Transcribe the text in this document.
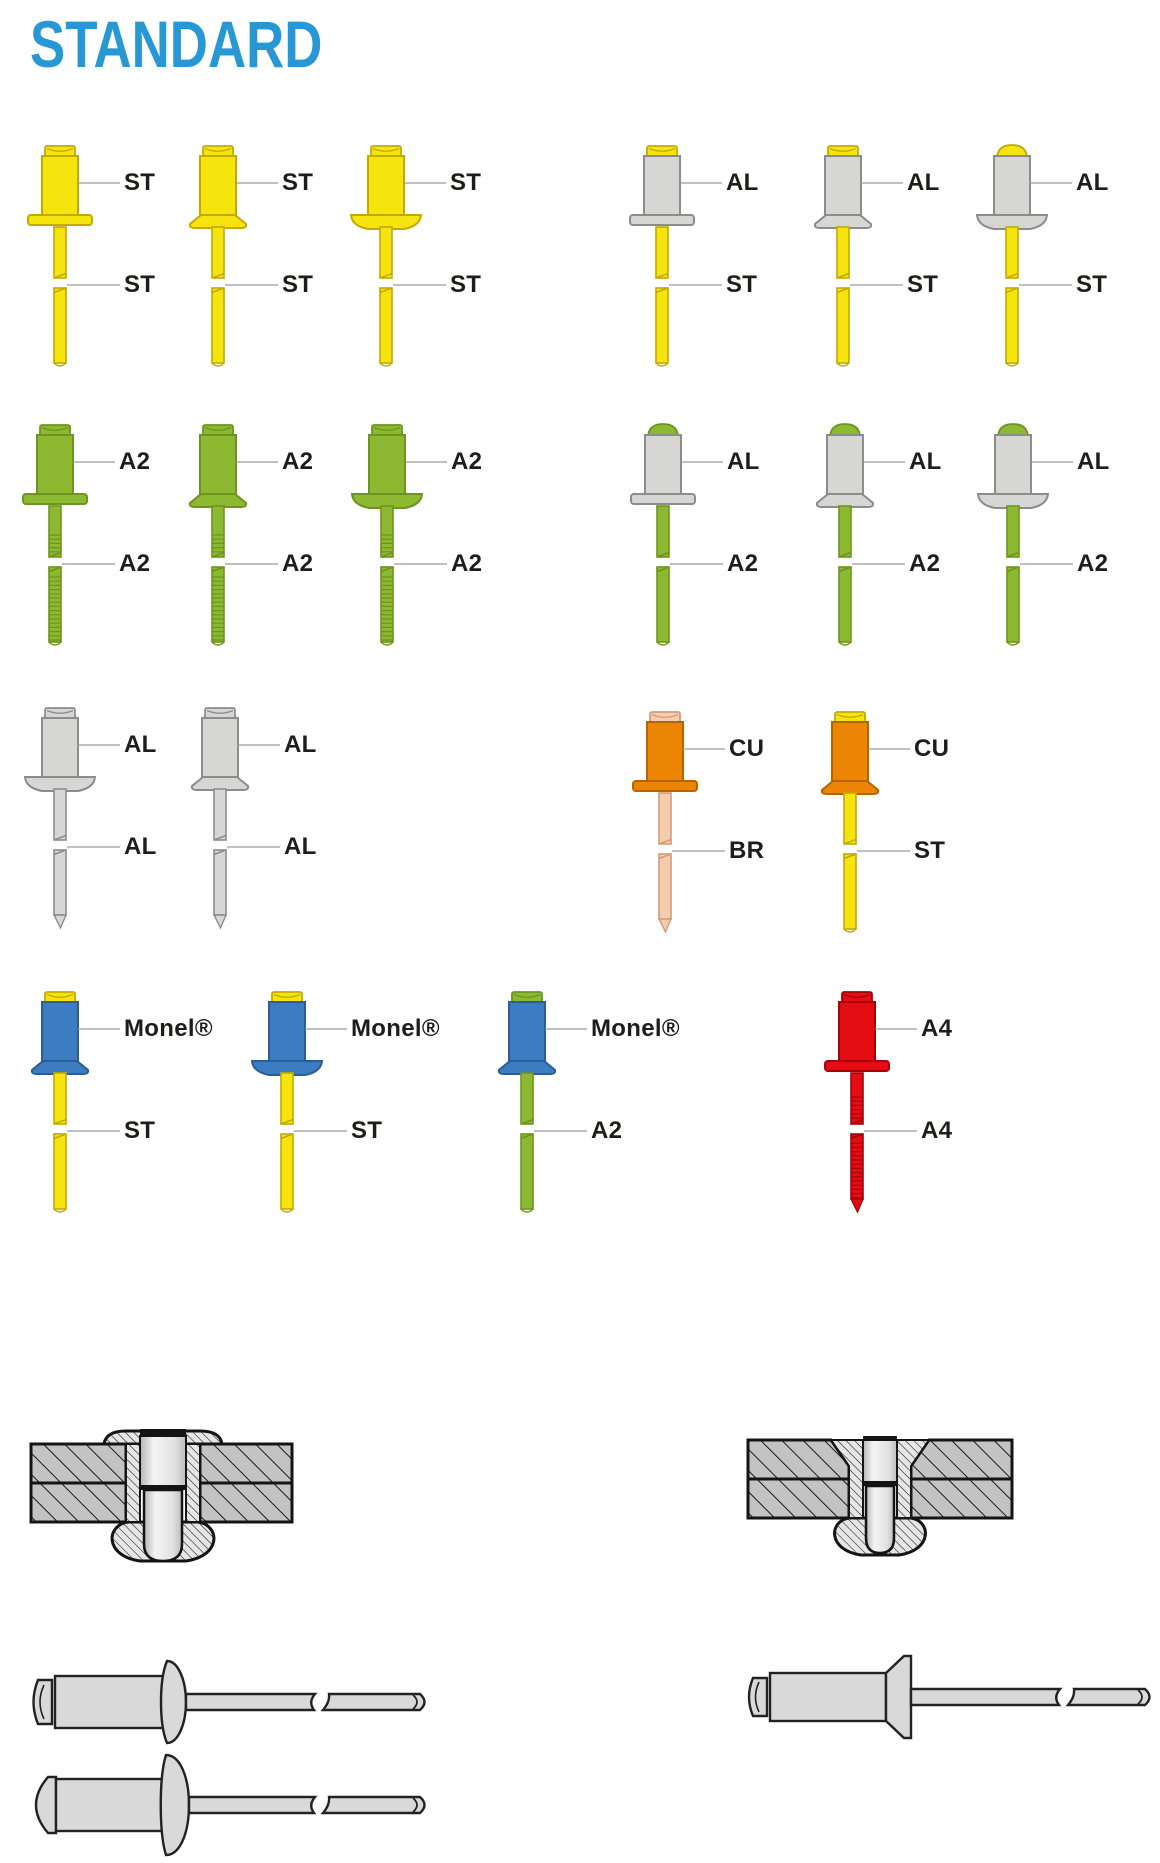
STANDARD
ST
ST
ST
ST
ST
ST
AL
ST
AL
ST
AL
ST
A2
A2
A2
A2
A2
A2
AL
A2
AL
A2
AL
A2
AL
AL
AL
AL
CU
BR
CU
ST
Monel®
ST
Monel®
ST
Monel®
A2
A4
A4
